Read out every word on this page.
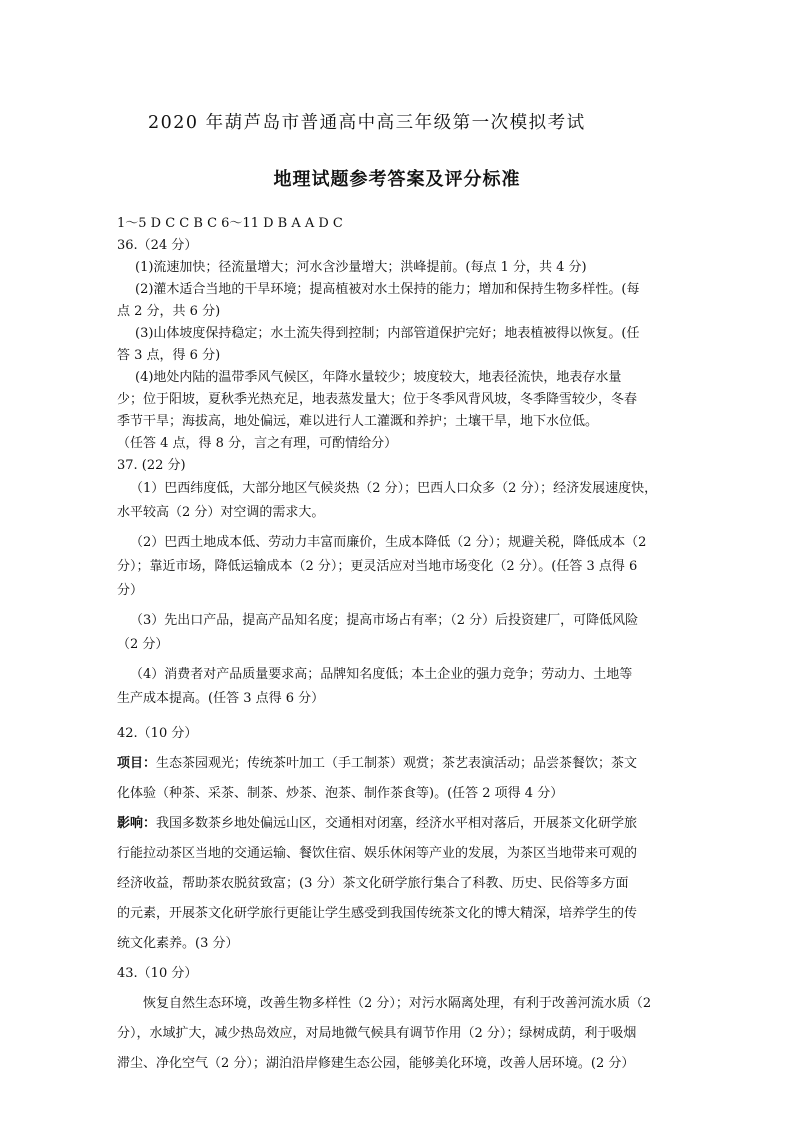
2020 年葫芦岛市普通高中高三年级第一次模拟考试
地理试题参考答案及评分标准
1～5 D C C B C 6～11 D B A A D C
36.（24 分）
(1)流速加快；径流量增大；河水含沙量增大；洪峰提前。(每点 1 分，共 4 分)
(2)灌木适合当地的干旱环境；提高植被对水土保持的能力；增加和保持生物多样性。(每
点 2 分，共 6 分)
(3)山体坡度保持稳定；水土流失得到控制；内部管道保护完好；地表植被得以恢复。(任
答 3 点，得 6 分)
(4)地处内陆的温带季风气候区，年降水量较少；坡度较大，地表径流快，地表存水量
少；位于阳坡，夏秋季光热充足，地表蒸发量大；位于冬季风背风坡，冬季降雪较少，冬春
季节干旱；海拔高，地处偏远，难以进行人工灌溉和养护；土壤干旱，地下水位低。
（任答 4 点，得 8 分，言之有理，可酌情给分）
37. (22 分)
（1）巴西纬度低，大部分地区气候炎热（2 分）；巴西人口众多（2 分）；经济发展速度快，
水平较高（2 分）对空调的需求大。
（2）巴西土地成本低、劳动力丰富而廉价，生成本降低（2 分）；规避关税，降低成本（2
分）；靠近市场，降低运输成本（2 分）；更灵活应对当地市场变化（2 分）。(任答 3 点得 6
分）
（3）先出口产品，提高产品知名度；提高市场占有率；（2 分）后投资建厂，可降低风险
（2 分）
（4）消费者对产品质量要求高；品牌知名度低；本土企业的强力竞争；劳动力、土地等
生产成本提高。(任答 3 点得 6 分）
42.（10 分）
项目：生态茶园观光；传统茶叶加工（手工制茶）观赏；茶艺表演活动；品尝茶餐饮；茶文
化体验（种茶、采茶、制茶、炒茶、泡茶、制作茶食等)。(任答 2 项得 4 分）
影响：我国多数茶乡地处偏远山区，交通相对闭塞，经济水平相对落后，开展茶文化研学旅
行能拉动茶区当地的交通运输、餐饮住宿、娱乐休闲等产业的发展，为茶区当地带来可观的
经济收益，帮助茶农脱贫致富；(3 分）茶文化研学旅行集合了科教、历史、民俗等多方面
的元素，开展茶文化研学旅行更能让学生感受到我国传统茶文化的博大精深，培养学生的传
统文化素养。(3 分）
43.（10 分）
恢复自然生态环境，改善生物多样性（2 分）；对污水隔离处理，有利于改善河流水质（2
分），水域扩大，减少热岛效应，对局地微气候具有调节作用（2 分）；绿树成荫，利于吸烟
滞尘、净化空气（2 分）；湖泊沿岸修建生态公园，能够美化环境，改善人居环境。(2 分）
